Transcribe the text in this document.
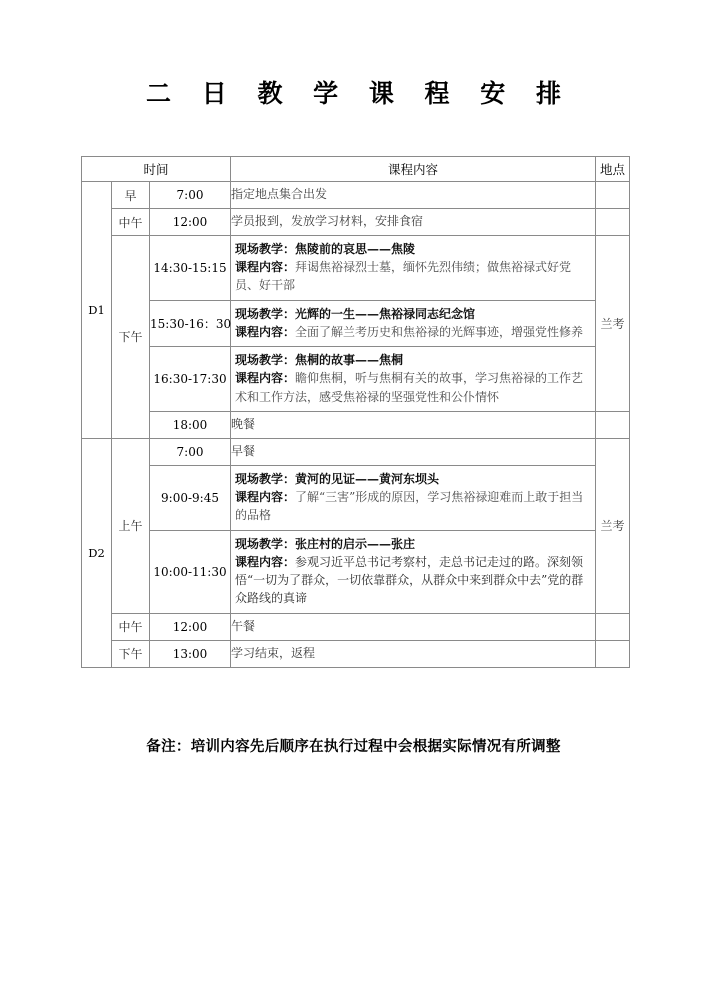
二 日 教 学 课 程 安 排
时间			课程内容	地点
D1	早	7:00	指定地点集合出发	
	中午	12:00	学员报到，发放学习材料，安排食宿	
	下午	14:30-15:15	现场教学：焦陵前的哀思——焦陵
课程内容：拜谒焦裕禄烈士墓，缅怀先烈伟绩；做焦裕禄式好党员、好干部	兰考
		15:30-16：30	现场教学：光辉的一生——焦裕禄同志纪念馆
课程内容：全面了解兰考历史和焦裕禄的光辉事迹，增强党性修养	

		16:30-17:30	现场教学：焦桐的故事——焦桐
课程内容：瞻仰焦桐，听与焦桐有关的故事，学习焦裕禄的工作艺术和工作方法，感受焦裕禄的坚强党性和公仆情怀	

		18:00	晚餐	
D2	上午	7:00	早餐	兰考
		9:00-9:45	现场教学：黄河的见证——黄河东坝头
课程内容：了解“三害”形成的原因，学习焦裕禄迎难而上敢于担当的品格	

		10:00-11:30	现场教学：张庄村的启示——张庄
课程内容：参观习近平总书记考察村，走总书记走过的路。深刻领悟“一切为了群众，一切依靠群众，从群众中来到群众中去”党的群众路线的真谛	

	中午	12:00	午餐	
	下午	13:00	学习结束，返程	
备注：培训内容先后顺序在执行过程中会根据实际情况有所调整
